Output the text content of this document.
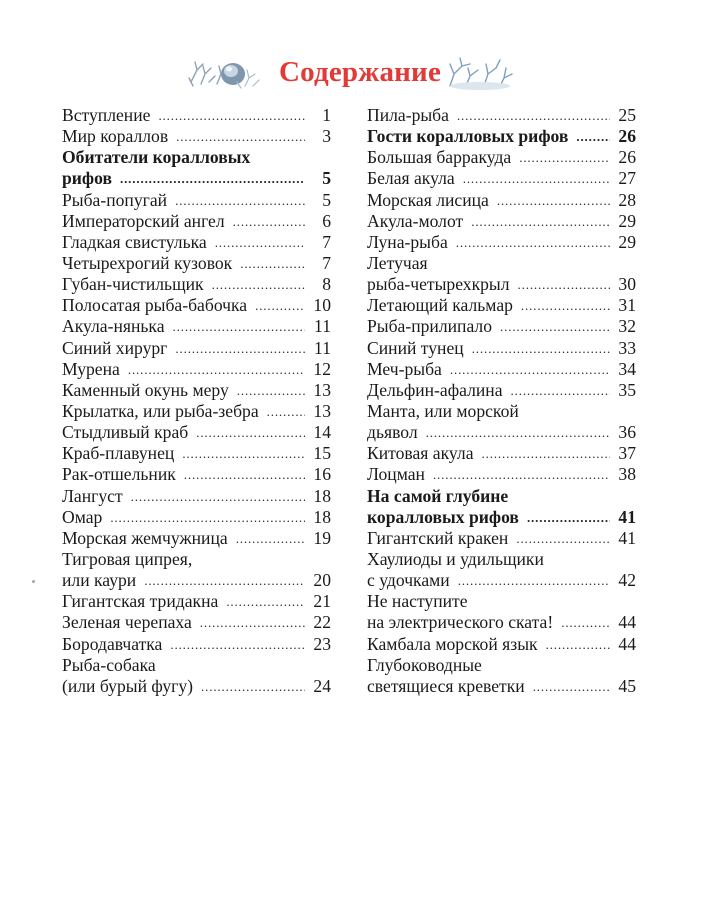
Содержание
Вступление . . .	1
Мир кораллов . . .	3
Обитатели коралловых
рифов . . .	5
Рыба-попугай . . .	5
Императорский ангел . . .	6
Гладкая свистулька . . .	7
Четырехрогий кузовок . . .	7
Губан-чистильщик . . .	8
Полосатая рыба-бабочка . . .	10
Акула-нянька . . .	11
Синий хирург . . .	11
Мурена . . .	12
Каменный окунь меру . . .	13
Крылатка, или рыба-зебра . . .	13
Стыдливый краб . . .	14
Краб-плавунец . . .	15
Рак-отшельник . . .	16
Лангуст . . .	18
Омар . . .	18
Морская жемчужница . . .	19
Тигровая ципрея,
или каури . . .	20
Гигантская тридакна . . .	21
Зеленая черепаха . . .	22
Бородавчатка . . .	23
Рыба-собака
(или бурый фугу) . . .	24
Пила-рыба . . .	25
Гости коралловых рифов . . .	26
Большая барракуда . . .	26
Белая акула . . .	27
Морская лисица . . .	28
Акула-молот . . .	29
Луна-рыба . . .	29
Летучая
рыба-четырехкрыл . . .	30
Летающий кальмар . . .	31
Рыба-прилипало . . .	32
Синий тунец . . .	33
Меч-рыба . . .	34
Дельфин-афалина . . .	35
Манта, или морской
дьявол . . .	36
Китовая акула . . .	37
Лоцман . . .	38
На самой глубине
коралловых рифов . . .	41
Гигантский кракен . . .	41
Хаулиоды и удильщики
с удочками . . .	42
Не наступите
на электрического ската! . . .	44
Камбала морской язык . . .	44
Глубоководные
светящиеся креветки . . .	45
